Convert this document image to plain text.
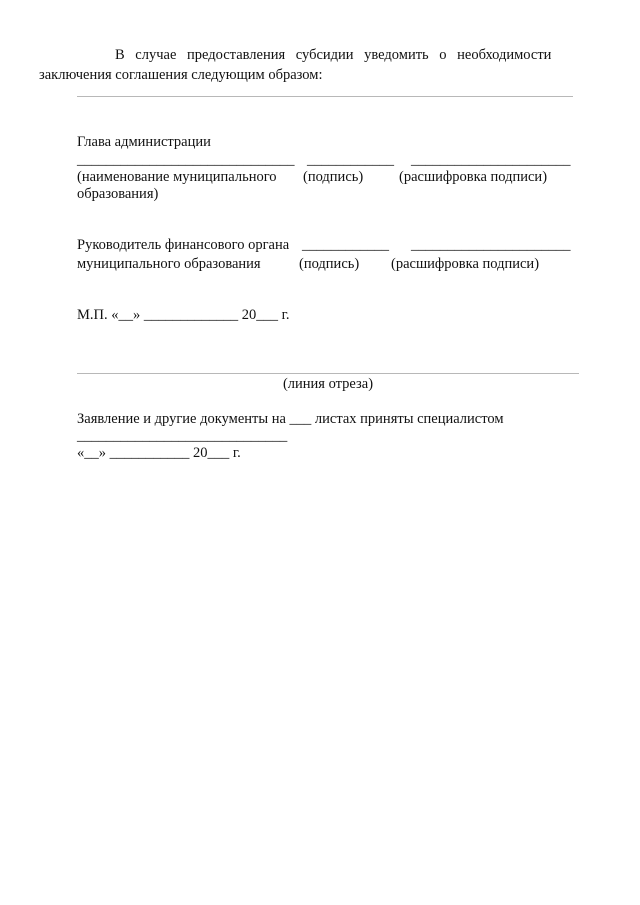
В случае предоставления субсидии уведомить о необходимости
заключения соглашения следующим образом:
Глава администрации

______________________________

____________

______________________

(наименование муниципального

(подпись)

(расшифровка подписи)

образования)

Руководитель финансового органа

____________

______________________

муниципального образования

	(подпись)

(расшифровка подписи)

М.П. «__» _____________ 20___ г.
(линия отреза)
Заявление и другие документы на ___ листах приняты специалистом
_____________________________
«__» ___________ 20___ г.
